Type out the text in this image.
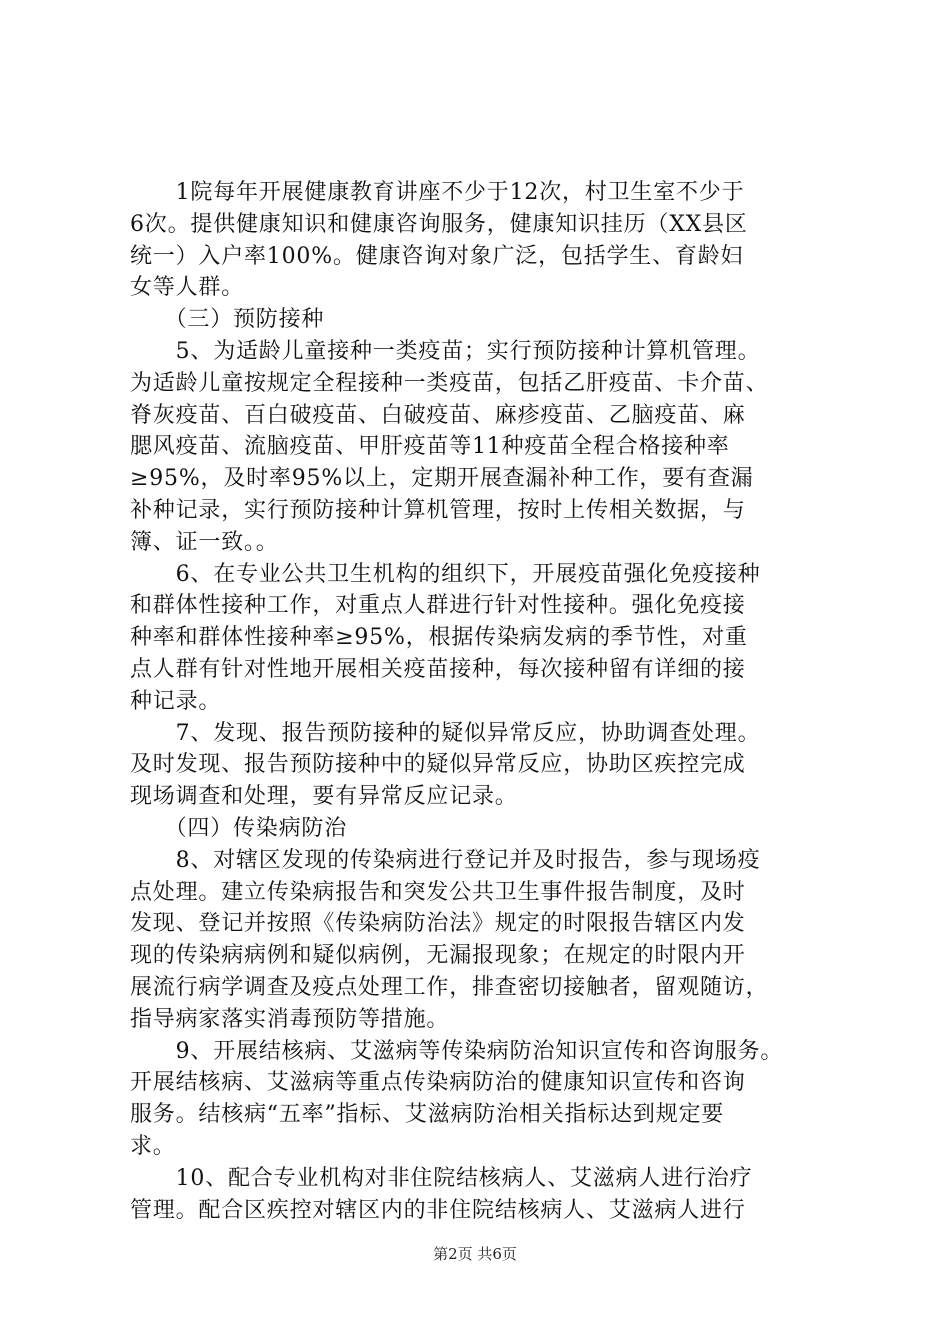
　　1院每年开展健康教育讲座不少于12次，村卫生室不少于
6次。提供健康知识和健康咨询服务，健康知识挂历（XX县区
统一）入户率100%。健康咨询对象广泛，包括学生、育龄妇
女等人群。
　　（三）预防接种
　　5、为适龄儿童接种一类疫苗；实行预防接种计算机管理。
为适龄儿童按规定全程接种一类疫苗，包括乙肝疫苗、卡介苗、
脊灰疫苗、百白破疫苗、白破疫苗、麻疹疫苗、乙脑疫苗、麻
腮风疫苗、流脑疫苗、甲肝疫苗等11种疫苗全程合格接种率
≥95%，及时率95%以上，定期开展查漏补种工作，要有查漏
补种记录，实行预防接种计算机管理，按时上传相关数据，与
簿、证一致。。
　　6、在专业公共卫生机构的组织下，开展疫苗强化免疫接种
和群体性接种工作，对重点人群进行针对性接种。强化免疫接
种率和群体性接种率≥95%，根据传染病发病的季节性，对重
点人群有针对性地开展相关疫苗接种，每次接种留有详细的接
种记录。
　　7、发现、报告预防接种的疑似异常反应，协助调查处理。
及时发现、报告预防接种中的疑似异常反应，协助区疾控完成
现场调查和处理，要有异常反应记录。
　　（四）传染病防治
　　8、对辖区发现的传染病进行登记并及时报告，参与现场疫
点处理。建立传染病报告和突发公共卫生事件报告制度，及时
发现、登记并按照《传染病防治法》规定的时限报告辖区内发
现的传染病病例和疑似病例，无漏报现象；在规定的时限内开
展流行病学调查及疫点处理工作，排查密切接触者，留观随访，
指导病家落实消毒预防等措施。
　　9、开展结核病、艾滋病等传染病防治知识宣传和咨询服务。
开展结核病、艾滋病等重点传染病防治的健康知识宣传和咨询
服务。结核病“五率”指标、艾滋病防治相关指标达到规定要
求。
　　10、配合专业机构对非住院结核病人、艾滋病人进行治疗
管理。配合区疾控对辖区内的非住院结核病人、艾滋病人进行
第2页 共6页
